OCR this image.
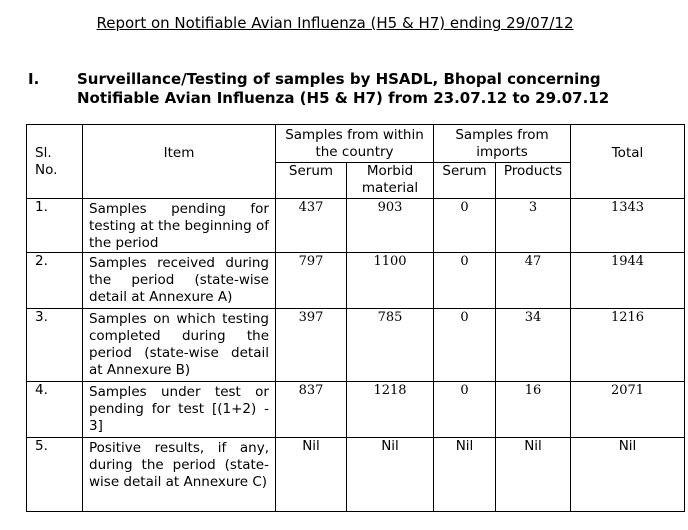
Report on Notifiable Avian Influenza (H5 & H7) ending 29/07/12
I.	Surveillance/Testing of samples by HSADL, Bhopal concerning Notifiable Avian Influenza (H5 & H7) from 23.07.12 to 29.07.12
Sl.
No.	Item	Samples from within the country		Samples from imports		Total
		Serum	Morbid material	Serum	Products	
1.	Samples pending for testing at the beginning of the period	437	903	0	3	1343
2.	Samples received during the period (state-wise detail at Annexure A)	797	1100	0	47	1944
3.	Samples on which testing completed during the period (state-wise detail at Annexure B)	397	785	0	34	1216
4.	Samples under test or pending for test [(1+2) - 3]	837	1218	0	16	2071
5.	Positive results, if any, during the period (state-wise detail at Annexure C)	Nil	Nil	Nil	Nil	Nil
